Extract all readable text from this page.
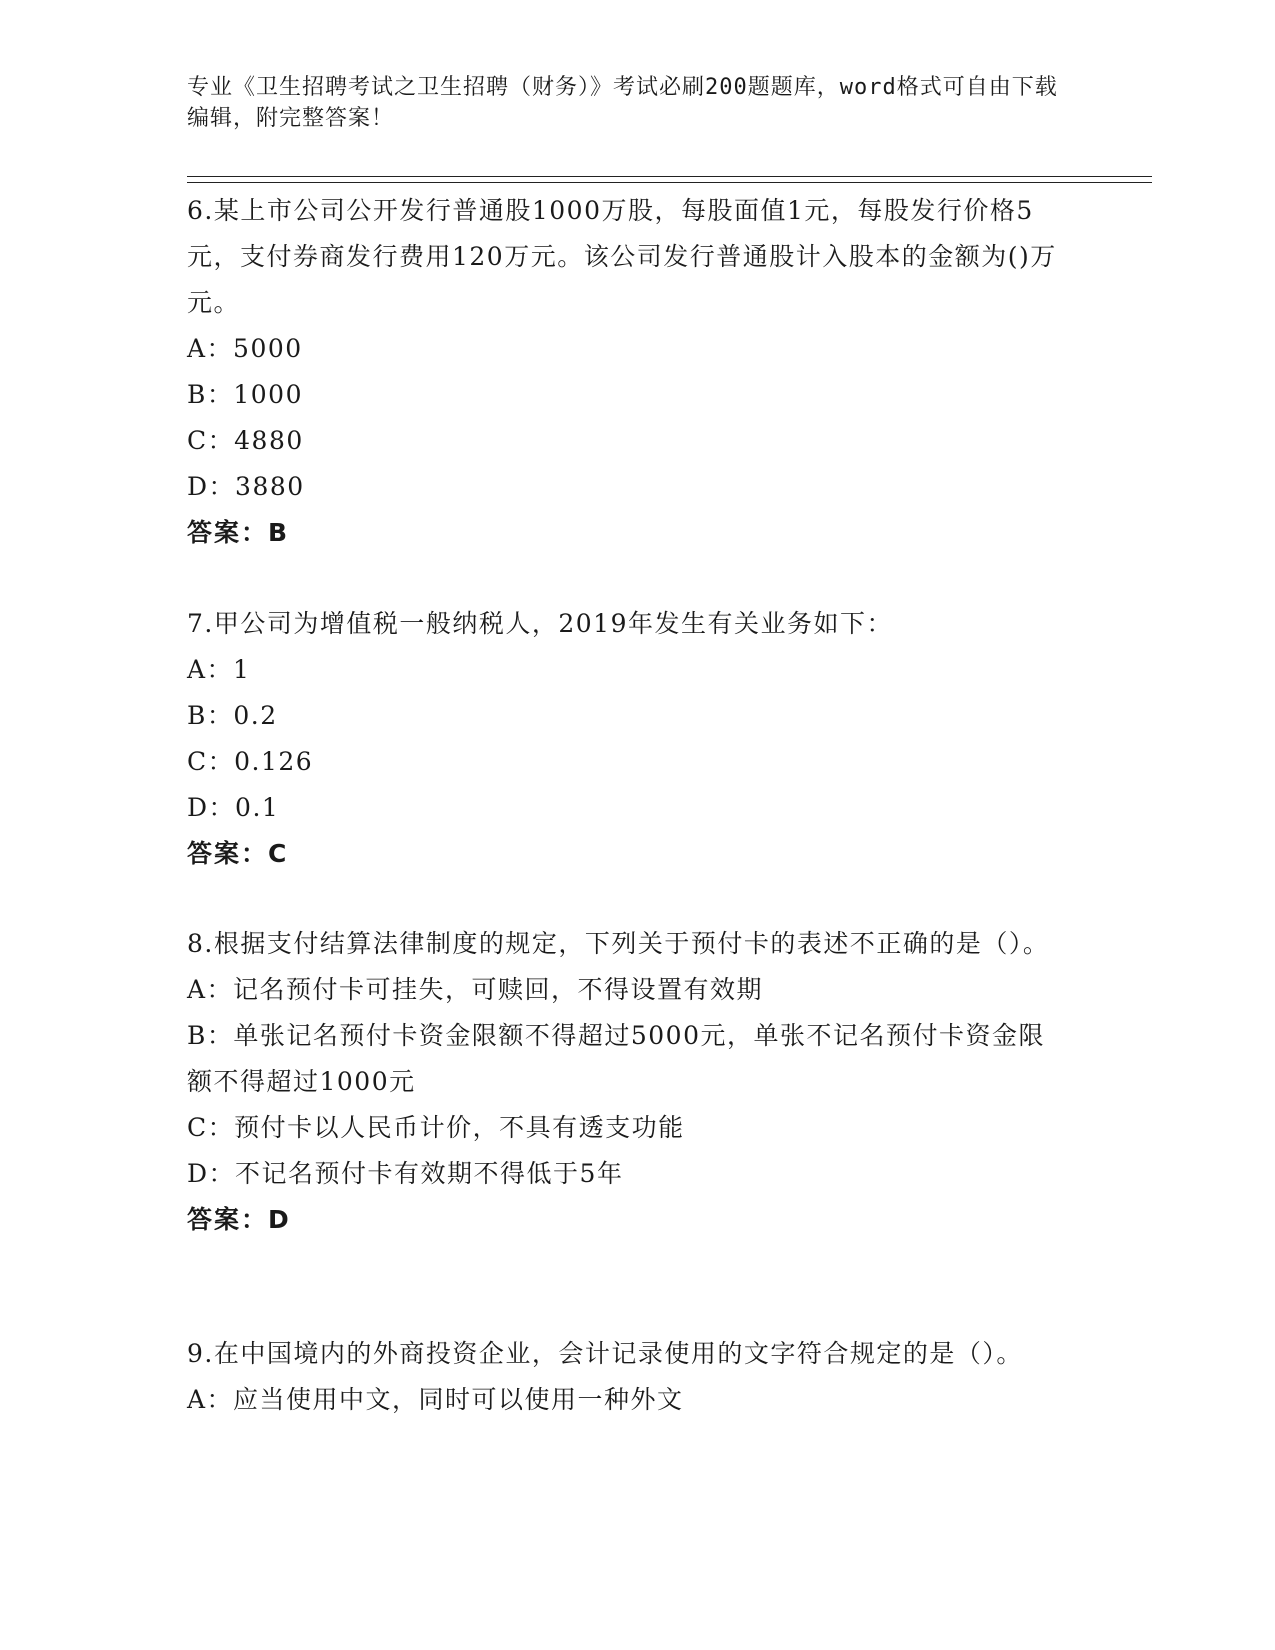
专业《卫生招聘考试之卫生招聘（财务）》考试必刷200题题库，word格式可自由下载编辑，附完整答案！
6.某上市公司公开发行普通股1000万股，每股面值1元，每股发行价格5元，支付券商发行费用120万元。该公司发行普通股计入股本的金额为()万元。
A：5000
B：1000
C：4880
D：3880
答案：B
7.甲公司为增值税一般纳税人，2019年发生有关业务如下：
A：1
B：0.2
C：0.126
D：0.1
答案：C
8.根据支付结算法律制度的规定，下列关于预付卡的表述不正确的是（）。
A：记名预付卡可挂失，可赎回，不得设置有效期
B：单张记名预付卡资金限额不得超过5000元，单张不记名预付卡资金限额不得超过1000元
C：预付卡以人民币计价，不具有透支功能
D：不记名预付卡有效期不得低于5年
答案：D
9.在中国境内的外商投资企业，会计记录使用的文字符合规定的是（）。
A：应当使用中文，同时可以使用一种外文
